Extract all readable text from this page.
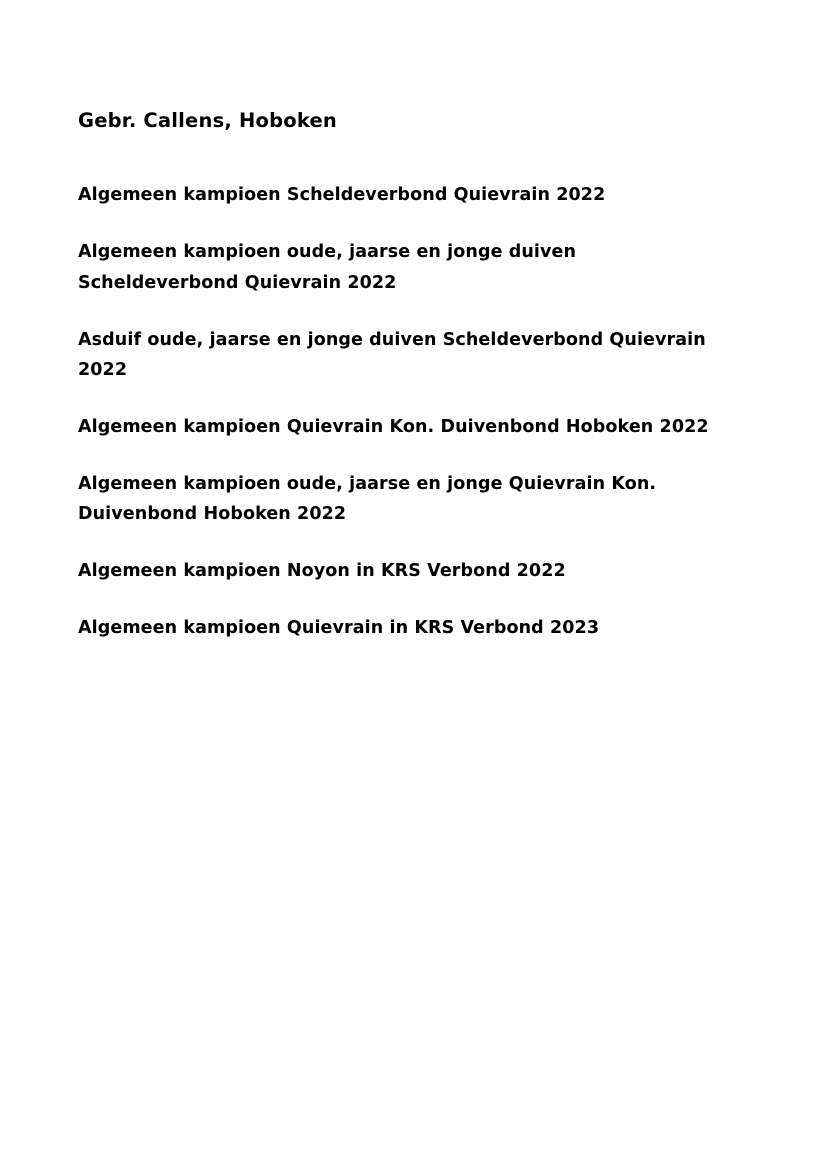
Gebr. Callens, Hoboken
Algemeen kampioen Scheldeverbond Quievrain 2022
Algemeen kampioen oude, jaarse en jonge duiven Scheldeverbond Quievrain 2022
Asduif oude, jaarse en jonge duiven Scheldeverbond Quievrain 2022
Algemeen kampioen Quievrain Kon. Duivenbond Hoboken 2022
Algemeen kampioen oude, jaarse en jonge Quievrain Kon. Duivenbond Hoboken 2022
Algemeen kampioen Noyon in KRS Verbond 2022
Algemeen kampioen Quievrain in KRS Verbond 2023
